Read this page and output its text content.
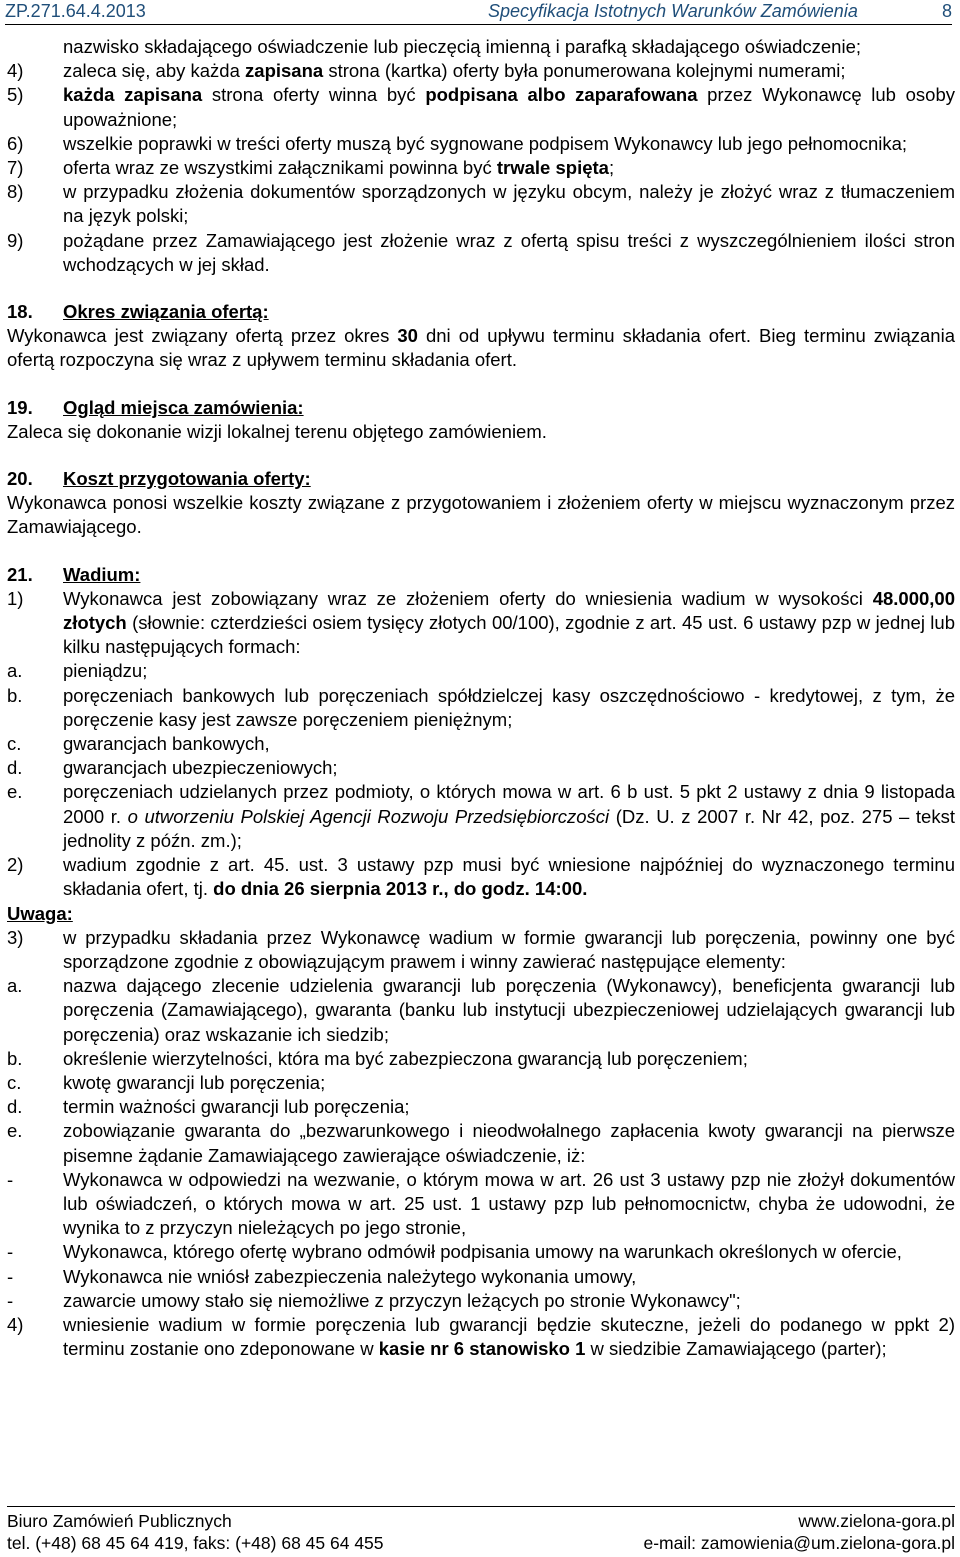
ZP.271.64.4.2013	Specyfikacja Istotnych Warunków Zamówienia	8

nazwisko składającego oświadczenie lub pieczęcią imienną i parafką składającego oświadczenie;

4)	zaleca się, aby każda zapisana strona (kartka) oferty była ponumerowana kolejnymi numerami;
5)	każda zapisana strona oferty winna być podpisana albo zaparafowana przez Wykonawcę lub osoby upoważnione;
6)	wszelkie poprawki w treści oferty muszą być sygnowane podpisem Wykonawcy lub jego pełnomocnika;
7)	oferta wraz ze wszystkimi załącznikami powinna być trwale spięta;
8)	w przypadku złożenia dokumentów sporządzonych w języku obcym, należy je złożyć wraz z tłumaczeniem na język polski;
9)	pożądane przez Zamawiającego jest złożenie wraz z ofertą spisu treści z wyszczególnieniem ilości stron wchodzących w jej skład.
18.	Okres związania ofertą:

Wykonawca jest związany ofertą przez okres 30 dni od upływu terminu składania ofert. Bieg terminu związania ofertą rozpoczyna się wraz z upływem terminu składania ofert.

19.	Ogląd miejsca zamówienia:

Zaleca się dokonanie wizji lokalnej terenu objętego zamówieniem.

20.	Koszt przygotowania oferty:

Wykonawca ponosi wszelkie koszty związane z przygotowaniem i złożeniem oferty w miejscu wyznaczonym przez Zamawiającego.

21.	Wadium:
1)	Wykonawca jest zobowiązany wraz ze złożeniem oferty do wniesienia wadium w wysokości 48.000,00 złotych (słownie: czterdzieści osiem tysięcy złotych 00/100), zgodnie z art. 45 ust. 6 ustawy pzp w jednej lub kilku następujących formach:
a.	pieniądzu;
b.	poręczeniach bankowych lub poręczeniach spółdzielczej kasy oszczędnościowo - kredytowej, z tym, że poręczenie kasy jest zawsze poręczeniem pieniężnym;
c.	gwarancjach bankowych,
d.	gwarancjach ubezpieczeniowych;
e.	poręczeniach udzielanych przez podmioty, o których mowa w art. 6 b ust. 5 pkt 2 ustawy z dnia 9 listopada 2000 r. o utworzeniu Polskiej Agencji Rozwoju Przedsiębiorczości (Dz. U. z 2007 r. Nr 42, poz. 275 – tekst jednolity z późn. zm.);
2)	wadium zgodnie z art. 45. ust. 3 ustawy pzp musi być wniesione najpóźniej do wyznaczonego terminu składania ofert, tj. do dnia 26 sierpnia 2013 r., do godz. 14:00.

Uwaga:

3)	w przypadku składania przez Wykonawcę wadium w formie gwarancji lub poręczenia, powinny one być sporządzone zgodnie z obowiązującym prawem i winny zawierać następujące elementy:
a.	nazwa dającego zlecenie udzielenia gwarancji lub poręczenia (Wykonawcy), beneficjenta gwarancji lub poręczenia (Zamawiającego), gwaranta (banku lub instytucji ubezpieczeniowej udzielających gwarancji lub poręczenia) oraz wskazanie ich siedzib;
b.	określenie wierzytelności, która ma być zabezpieczona gwarancją lub poręczeniem;
c.	kwotę gwarancji lub poręczenia;
d.	termin ważności gwarancji lub poręczenia;
e.	zobowiązanie gwaranta do „bezwarunkowego i nieodwołalnego zapłacenia kwoty gwarancji na pierwsze pisemne żądanie Zamawiającego zawierające oświadczenie, iż:
-	Wykonawca w odpowiedzi na wezwanie, o którym mowa w art. 26 ust 3 ustawy pzp nie złożył dokumentów lub oświadczeń, o których mowa w art. 25 ust. 1 ustawy pzp lub pełnomocnictw, chyba że udowodni, że wynika to z przyczyn nieleżących po jego stronie,
-	Wykonawca, którego ofertę wybrano odmówił podpisania umowy na warunkach określonych w ofercie,
-	Wykonawca nie wniósł zabezpieczenia należytego wykonania umowy,
-	zawarcie umowy stało się niemożliwe z przyczyn leżących po stronie Wykonawcy";
4)	wniesienie wadium w formie poręczenia lub gwarancji będzie skuteczne, jeżeli do podanego w ppkt 2) terminu zostanie ono zdeponowane w kasie nr 6 stanowisko 1 w siedzibie Zamawiającego (parter);
Biuro Zamówień Publicznych	www.zielona-gora.pl
tel. (+48) 68 45 64 419, faks: (+48) 68 45 64 455	e-mail: zamowienia@um.zielona-gora.pl
